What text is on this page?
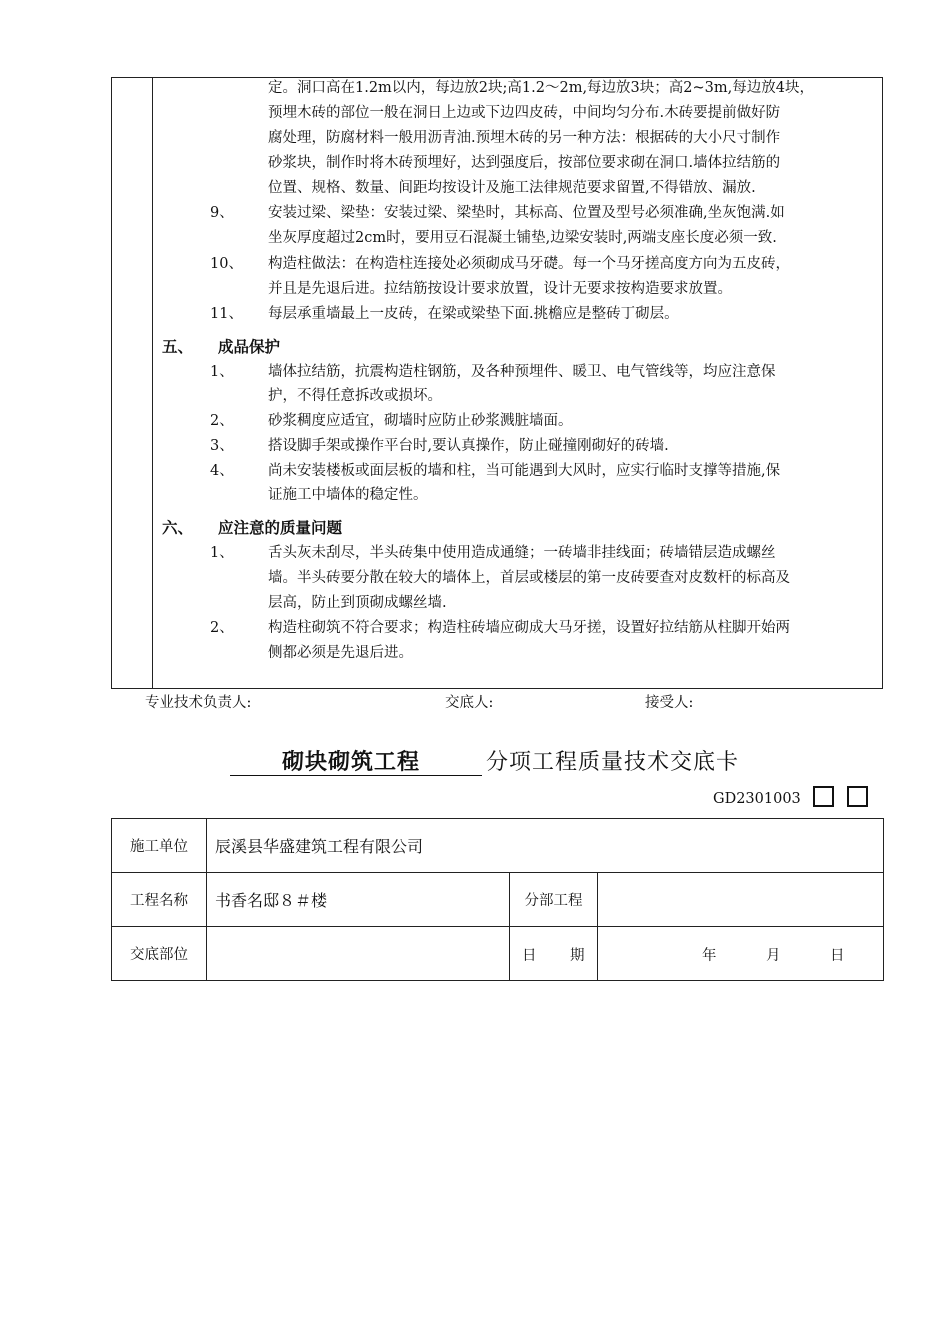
定。洞口高在1.2m以内，每边放2块;高1.2～2m,每边放3块；高2~3m,每边放4块，
预埋木砖的部位一般在洞日上边或下边四皮砖，中间均匀分布.木砖要提前做好防
腐处理，防腐材料一般用沥青油.预埋木砖的另一种方法：根据砖的大小尺寸制作
砂浆块，制作时将木砖预埋好，达到强度后，按部位要求砌在洞口.墙体拉结筋的
位置、规格、数量、间距均按设计及施工法律规范要求留置,不得错放、漏放.
9、 安装过梁、梁垫：安装过梁、梁垫时，其标高、位置及型号必须准确,坐灰饱满.如
坐灰厚度超过2cm时，要用豆石混凝土铺垫,边梁安装时,两端支座长度必须一致.
10、 构造柱做法：在构造柱连接处必须砌成马牙礎。每一个马牙搓高度方向为五皮砖，
并且是先退后进。拉结筋按设计要求放置，设计无要求按构造要求放置。
11、 每层承重墙最上一皮砖，在梁或梁垫下面.挑檐应是整砖丁砌层。
五、 成品保护
1、 墙体拉结筋，抗震构造柱钢筋，及各种预埋件、暖卫、电气管线等，均应注意保
护，不得任意拆改或损坏。
2、 砂浆稠度应适宜，砌墙时应防止砂浆溅脏墙面。
3、 搭设脚手架或操作平台时,要认真操作，防止碰撞刚砌好的砖墙.
4、 尚未安装楼板或面层板的墙和柱，当可能遇到大风时，应实行临时支撑等措施,保
证施工中墙体的稳定性。
六、 应注意的质量问题
1、 舌头灰未刮尽，半头砖集中使用造成通缝；一砖墙非挂线面；砖墙错层造成螺丝
墙。半头砖要分散在较大的墙体上，首层或楼层的第一皮砖要查对皮数杆的标高及
层高，防止到顶砌成螺丝墙.
2、 构造柱砌筑不符合要求；构造柱砖墙应砌成大马牙搓，设置好拉结筋从柱脚开始两
侧都必须是先退后进。
专业技术负责人:	交底人:	接受人:
砌块砌筑工程	分项工程质量技术交底卡
GD2301003
施工单位	辰溪县华盛建筑工程有限公司		
工程名称	书香名邸８＃楼	分部工程	
交底部位		日 期	年 月 日
